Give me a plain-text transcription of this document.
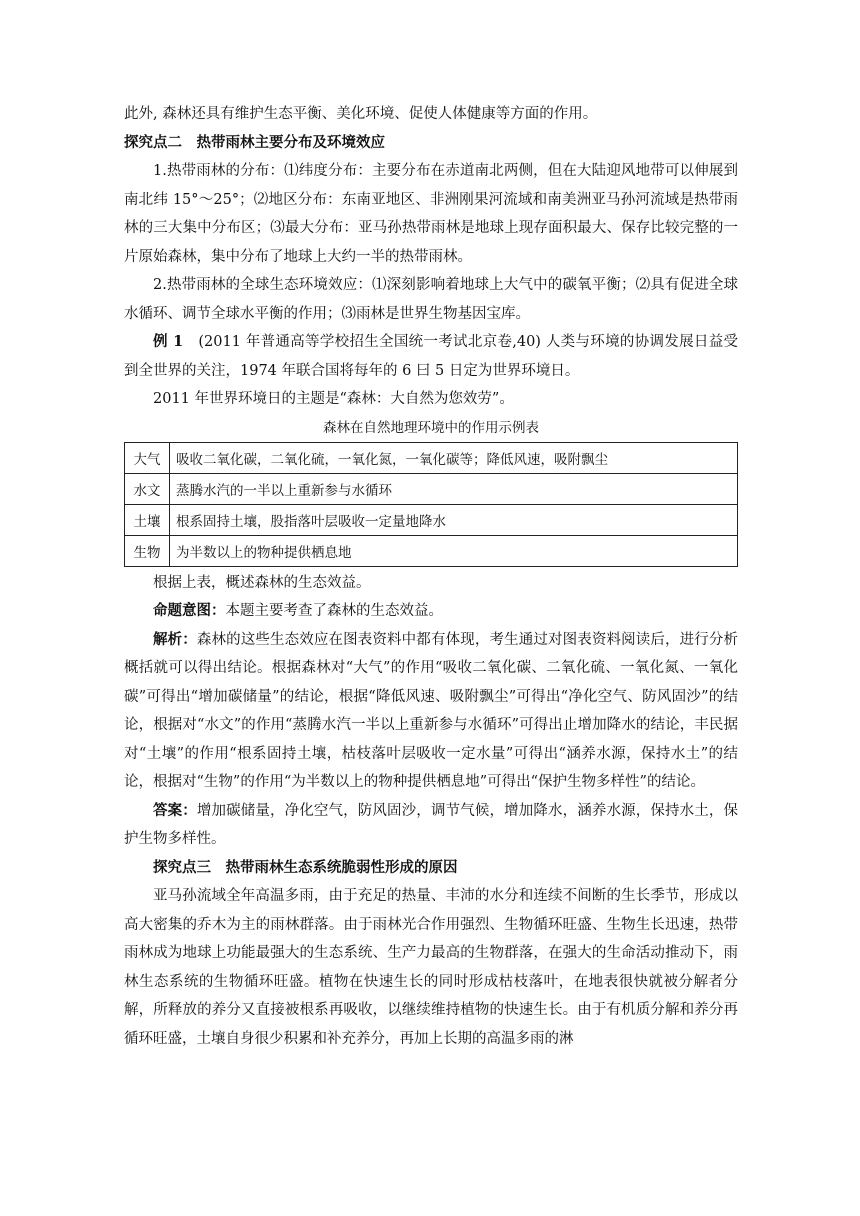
此外, 森林还具有维护生态平衡、美化环境、促使人体健康等方面的作用。

探究点二　热带雨林主要分布及环境效应

1.热带雨林的分布：⑴纬度分布：主要分布在赤道南北两侧，但在大陆迎风地带可以伸展到南北纬 15°～25°；⑵地区分布：东南亚地区、非洲刚果河流域和南美洲亚马孙河流域是热带雨林的三大集中分布区；⑶最大分布：亚马孙热带雨林是地球上现存面积最大、保存比较完整的一片原始森林，集中分布了地球上大约一半的热带雨林。

2.热带雨林的全球生态环境效应：⑴深刻影响着地球上大气中的碳氧平衡；⑵具有促进全球水循环、调节全球水平衡的作用；⑶雨林是世界生物基因宝库。

例 1　(2011 年普通高等学校招生全国统一考试北京卷,40) 人类与环境的协调发展日益受到全世界的关注，1974 年联合国将每年的 6 曰 5 日定为世界环境日。

2011 年世界环境日的主题是“森林：大自然为您效劳”。

森林在自然地理环境中的作用示例表

大气	吸收二氧化碳，二氧化硫，一氧化氮，一氧化碳等；降低风速，吸附飘尘
水文	蒸腾水汽的一半以上重新参与水循环
土壤	根系固持土壤，股指落叶层吸收一定量地降水
生物	为半数以上的物种提供栖息地

根据上表，概述森林的生态效益。

命题意图：本题主要考查了森林的生态效益。

解析：森林的这些生态效应在图表资料中都有体现，考生通过对图表资料阅读后，进行分析概括就可以得出结论。根据森林对“大气”的作用“吸收二氧化碳、二氧化硫、一氧化氮、一氧化碳”可得出“增加碳储量”的结论，根据“降低风速、吸附飘尘”可得出“净化空气、防风固沙”的结论，根据对“水文”的作用“蒸腾水汽一半以上重新参与水循环”可得出止增加降水的结论，丰民据对“土壤”的作用“根系固持土壤，枯枝落叶层吸收一定水量”可得出“涵养水源，保持水土”的结论，根据对“生物”的作用“为半数以上的物种提供栖息地”可得出“保护生物多样性”的结论。

答案：增加碳储量，净化空气，防风固沙，调节气候，增加降水，涵养水源，保持水土，保护生物多样性。

探究点三　热带雨林生态系统脆弱性形成的原因

亚马孙流域全年高温多雨，由于充足的热量、丰沛的水分和连续不间断的生长季节，形成以高大密集的乔木为主的雨林群落。由于雨林光合作用强烈、生物循环旺盛、生物生长迅速，热带雨林成为地球上功能最强大的生态系统、生产力最高的生物群落，在强大的生命活动推动下，雨林生态系统的生物循环旺盛。植物在快速生长的同时形成枯枝落叶，在地表很快就被分解者分解，所释放的养分又直接被根系再吸收，以继续维持植物的快速生长。由于有机质分解和养分再循环旺盛，土壤自身很少积累和补充养分，再加上长期的高温多雨的淋
